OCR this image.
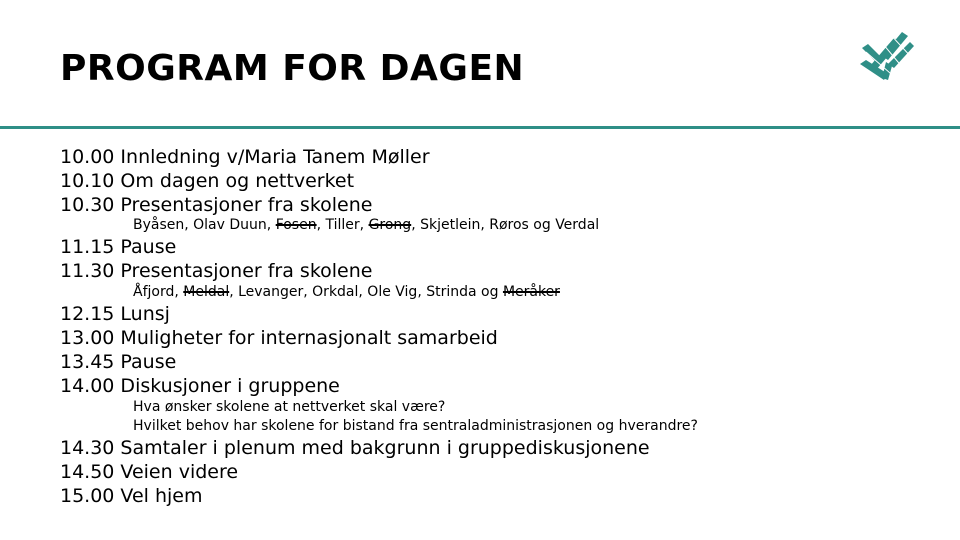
PROGRAM FOR DAGEN
10.00 Innledning v/Maria Tanem Møller
10.10 Om dagen og nettverket
10.30 Presentasjoner fra skolene
Byåsen, Olav Duun, Fosen, Tiller, Grong, Skjetlein, Røros og Verdal
11.15 Pause
11.30 Presentasjoner fra skolene
Åfjord, Meldal, Levanger, Orkdal, Ole Vig, Strinda og Meråker
12.15 Lunsj
13.00 Muligheter for internasjonalt samarbeid
13.45 Pause
14.00 Diskusjoner i gruppene
Hva ønsker skolene at nettverket skal være?
Hvilket behov har skolene for bistand fra sentraladministrasjonen og hverandre?
14.30 Samtaler i plenum med bakgrunn i gruppediskusjonene
14.50 Veien videre
15.00 Vel hjem
